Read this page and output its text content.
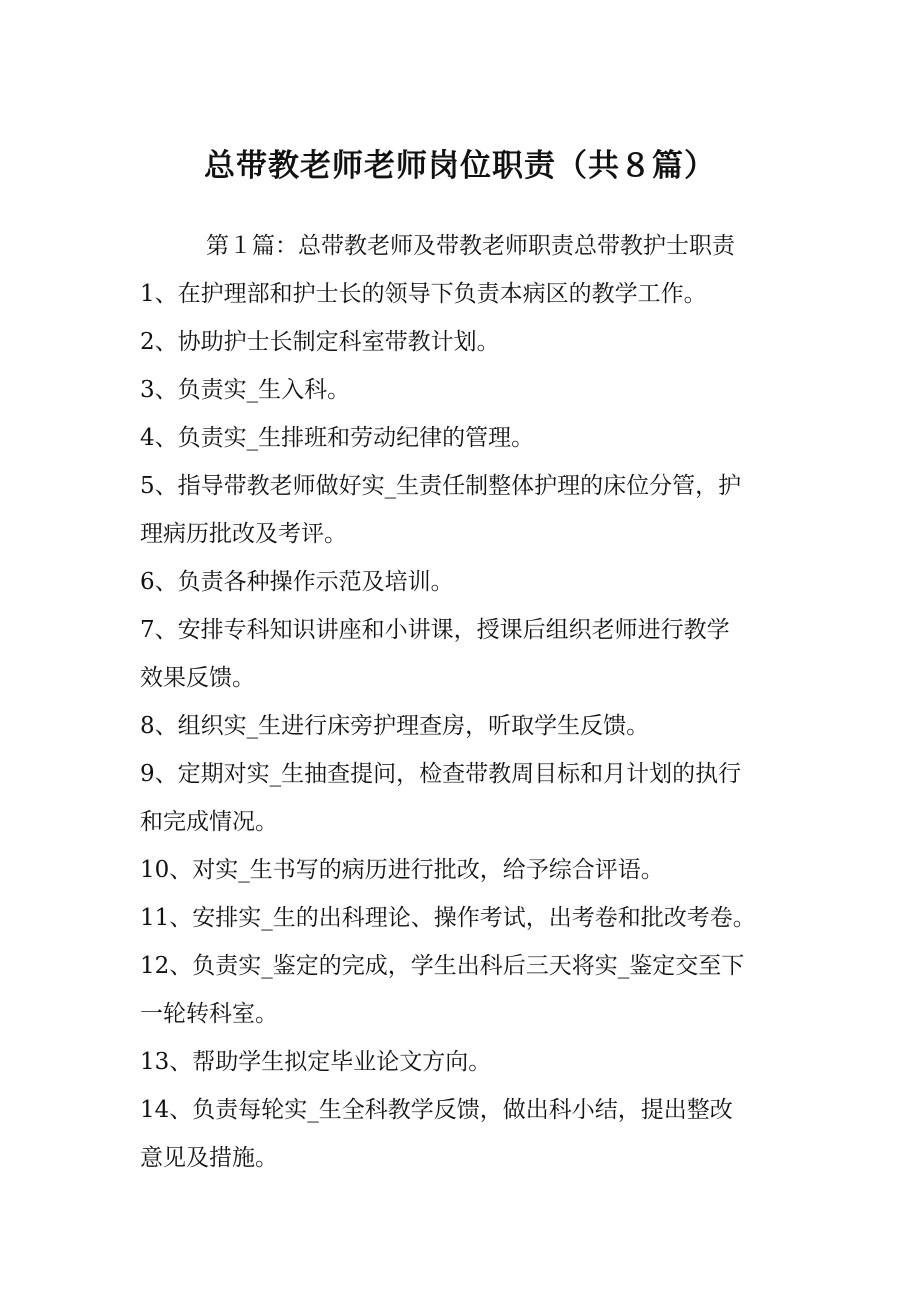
总带教老师老师岗位职责（共８篇）
第１篇：总带教老师及带教老师职责总带教护士职责
1、在护理部和护士长的领导下负责本病区的教学工作。
2、协助护士长制定科室带教计划。
3、负责实_生入科。
4、负责实_生排班和劳动纪律的管理。
5、指导带教老师做好实_生责任制整体护理的床位分管，护
理病历批改及考评。
6、负责各种操作示范及培训。
7、安排专科知识讲座和小讲课，授课后组织老师进行教学
效果反馈。
8、组织实_生进行床旁护理查房，听取学生反馈。
9、定期对实_生抽查提问，检查带教周目标和月计划的执行
和完成情况。
10、对实_生书写的病历进行批改，给予综合评语。
11、安排实_生的出科理论、操作考试，出考卷和批改考卷。
12、负责实_鉴定的完成，学生出科后三天将实_鉴定交至下
一轮转科室。
13、帮助学生拟定毕业论文方向。
14、负责每轮实_生全科教学反馈，做出科小结，提出整改
意见及措施。
